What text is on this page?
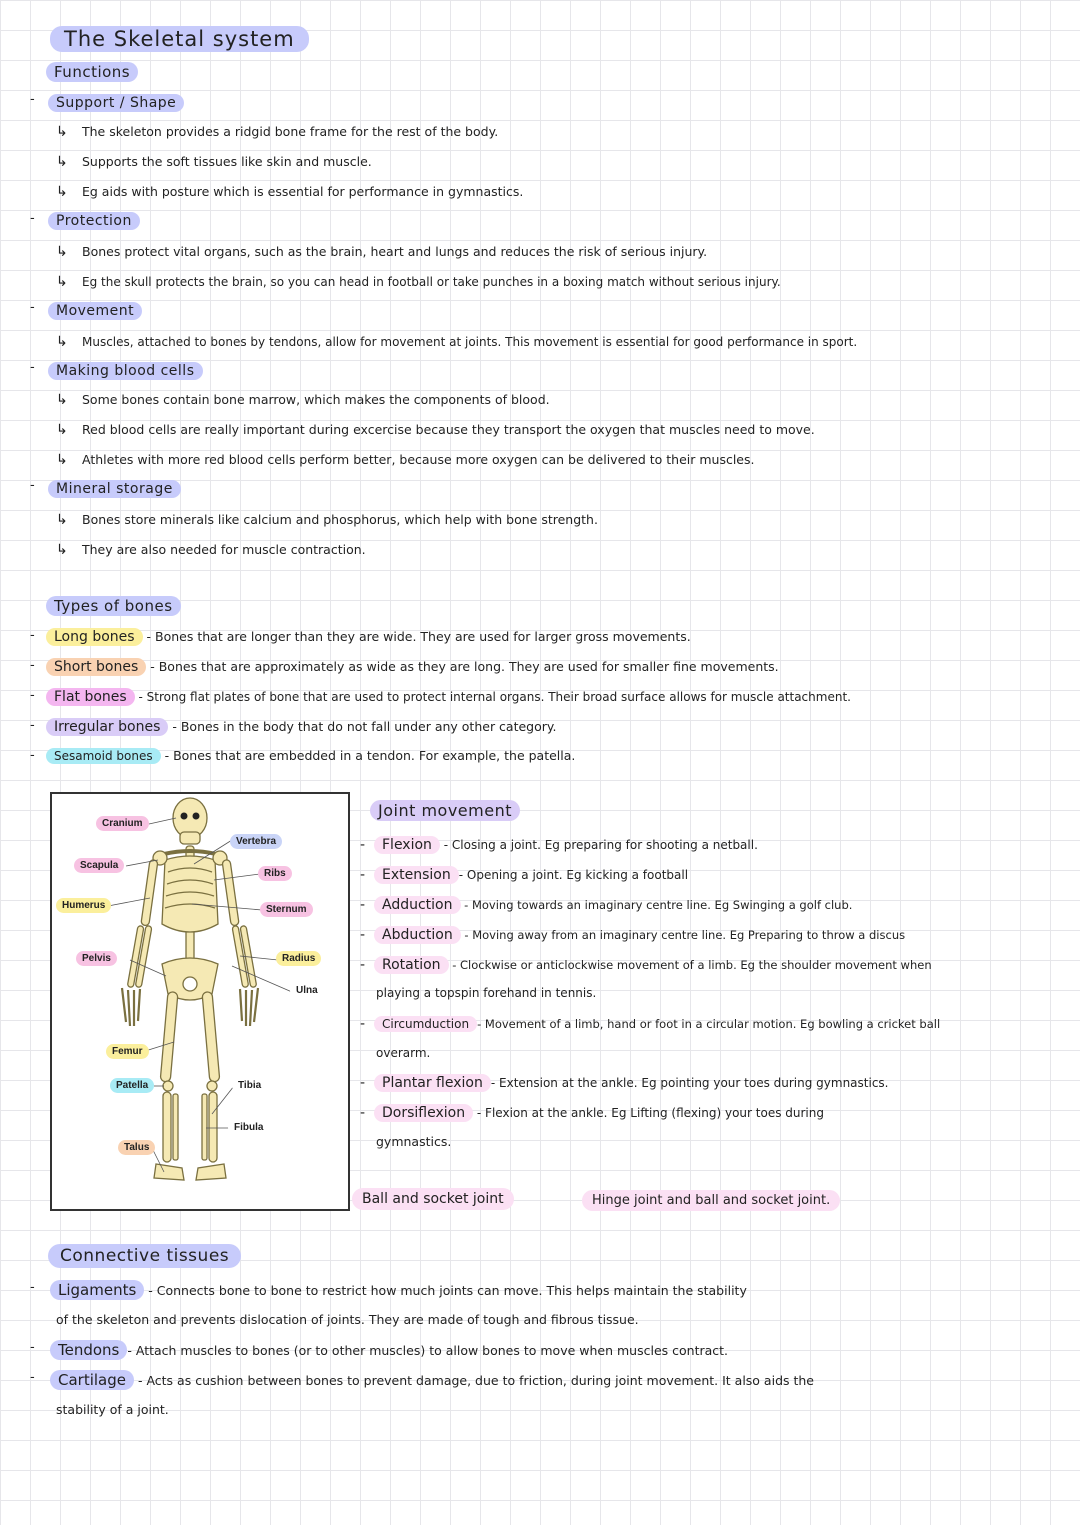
The Skeletal system
Functions
-	Support / Shape
↳ The skeleton provides a ridgid bone frame for the rest of the body.
↳ Supports the soft tissues like skin and muscle.
↳ Eg aids with posture which is essential for performance in gymnastics.
-	Protection
↳ Bones protect vital organs, such as the brain, heart and lungs and reduces the risk of serious injury.
↳ Eg the skull protects the brain, so you can head in football or take punches in a boxing match without serious injury.
-	Movement
↳ Muscles, attached to bones by tendons, allow for movement at joints. This movement is essential for good performance in sport.
-	Making blood cells
↳ Some bones contain bone marrow, which makes the components of blood.
↳ Red blood cells are really important during excercise because they transport the oxygen that muscles need to move.
↳ Athletes with more red blood cells perform better, because more oxygen can be delivered to their muscles.
-	Mineral storage
↳ Bones store minerals like calcium and phosphorus, which help with bone strength.
↳ They are also needed for muscle contraction.
Types of bones
-	Long bones - Bones that are longer than they are wide. They are used for larger gross movements.
-	Short bones - Bones that are approximately as wide as they are long. They are used for smaller fine movements.
-	Flat bones - Strong flat plates of bone that are used to protect internal organs. Their broad surface allows for muscle attachment.
-	Irregular bones - Bones in the body that do not fall under any other category.
-	Sesamoid bones - Bones that are embedded in a tendon. For example, the patella.
Cranium
Vertebra
Scapula
Ribs
Humerus	Sternum
Pelvis	Radius
Ulna
Femur
Patella	Tibia
Fibula
Talus
Joint movement
- Flexion - Closing a joint. Eg preparing for shooting a netball.
- Extension - Opening a joint. Eg kicking a football
- Adduction - Moving towards an imaginary centre line. Eg Swinging a golf club.
- Abduction - Moving away from an imaginary centre line. Eg Preparing to throw a discus
- Rotation - Clockwise or anticlockwise movement of a limb. Eg the shoulder movement when
playing a topspin forehand in tennis.
- Circumduction - Movement of a limb, hand or foot in a circular motion. Eg bowling a cricket ball
overarm.
- Plantar flexion - Extension at the ankle. Eg pointing your toes during gymnastics.
- Dorsiflexion - Flexion at the ankle. Eg Lifting (flexing) your toes during
gymnastics.
Ball and socket joint	Hinge joint and ball and socket joint.
Connective tissues
-	Ligaments - Connects bone to bone to restrict how much joints can move. This helps maintain the stability
of the skeleton and prevents dislocation of joints. They are made of tough and fibrous tissue.
-	Tendons - Attach muscles to bones (or to other muscles) to allow bones to move when muscles contract.
-	Cartilage - Acts as cushion between bones to prevent damage, due to friction, during joint movement. It also aids the
stability of a joint.
